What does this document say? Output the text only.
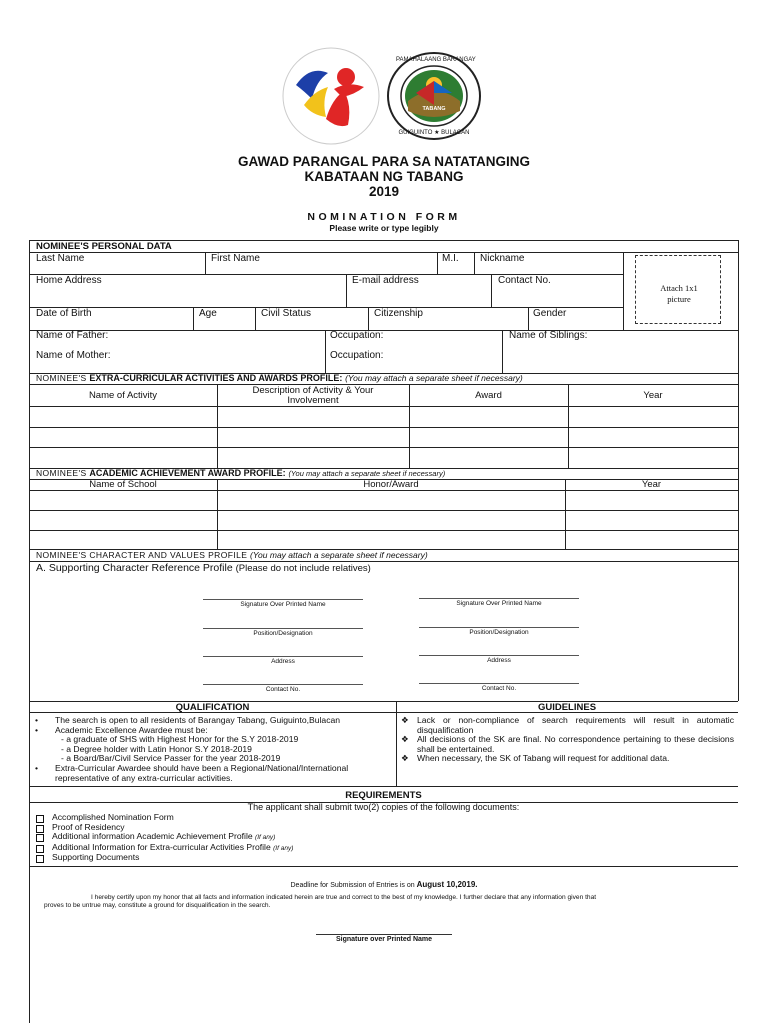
PAMAHALAANG BARANGAY
TABANG
GUIGUINTO ★ BULACAN
GAWAD PARANGAL PARA SA NATATANGING
KABATAAN NG TABANG
2019
NOMINATION FORM
Please write or type legibly
NOMINEE'S PERSONAL DATA
Last Name	First Name	M.I. Nickname
Home Address	E-mail address	Contact No.
Date of Birth	Age	Civil Status	Citizenship	Gender
Name of Father:	Occupation:	Name of Siblings:
Name of Mother:	Occupation:
Attach 1x1 picture
NOMINEE'S EXTRA-CURRICULAR ACTIVITIES AND AWARDS PROFILE: (You may attach a separate sheet if necessary)
Name of Activity	Description of Activity & Your Involvement	Award	Year
NOMINEE'S ACADEMIC ACHIEVEMENT AWARD PROFILE: (You may attach a separate sheet if necessary)
Name of School	Honor/Award	Year
NOMINEE'S CHARACTER AND VALUES PROFILE (You may attach a separate sheet if necessary)
A. Supporting Character Reference Profile (Please do not include relatives)
Signature Over Printed Name
Position/Designation
Address
Contact No.
Signature Over Printed Name
Position/Designation
Address
Contact No.
QUALIFICATION	GUIDELINES
• The search is open to all residents of Barangay Tabang, Guiguinto,Bulacan
• Academic Excellence Awardee must be:
- a graduate of SHS with Highest Honor for the S.Y 2018-2019
- a Degree holder with Latin Honor S.Y 2018-2019
- a Board/Bar/Civil Service Passer for the year 2018-2019
• Extra-Curricular Awardee should have been a Regional/National/International representative of any extra-curricular activities.
❖ Lack or non-compliance of search requirements will result in automatic disqualification
❖ All decisions of the SK are final. No correspondence pertaining to these decisions shall be entertained.
❖ When necessary, the SK of Tabang will request for additional data.
REQUIREMENTS
The applicant shall submit two(2) copies of the following documents:
Accomplished Nomination Form
Proof of Residency
Additional information Academic Achievement Profile (If any)
Additional Information for Extra-curricular Activities Profile (If any)
Supporting Documents
Deadline for Submission of Entries is on August 10,2019.
I hereby certify upon my honor that all facts and information indicated herein are true and correct to the best of my knowledge. I further declare that any information given that
proves to be untrue may, constitute a ground for disqualification in the search.
Signature over Printed Name
